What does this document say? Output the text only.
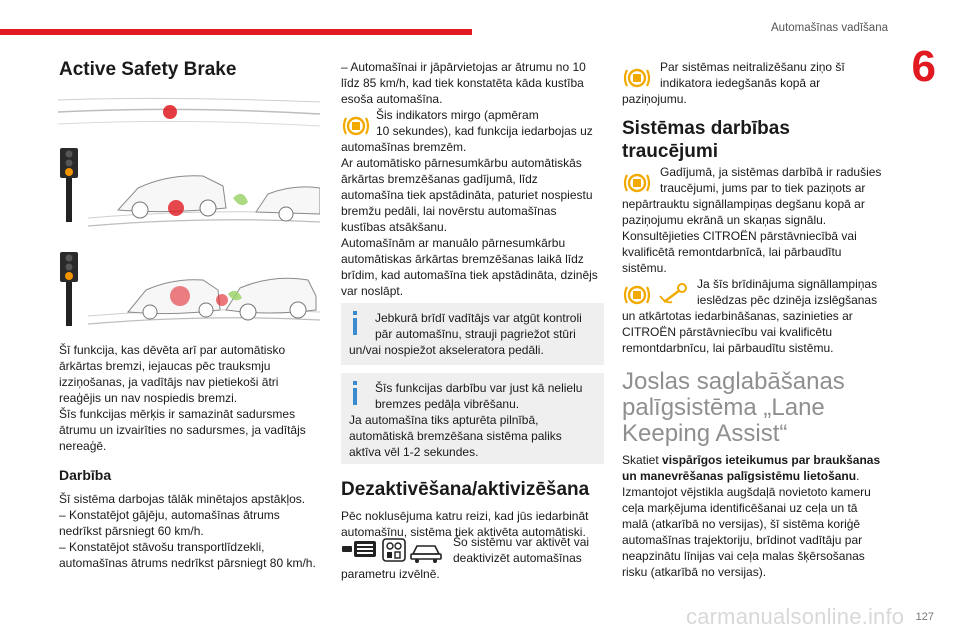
Automašīnas vadīšana
6

Active Safety Brake

Šī funkcija, kas dēvēta arī par automātisko

ārkārtas bremzi, iejaucas pēc trauksmju

izziņošanas, ja vadītājs nav pietiekoši ātri

reaģējis un nav nospiedis bremzi.

Šīs funkcijas mērķis ir samazināt sadursmes

ātrumu un izvairīties no sadursmes, ja vadītājs

nereaģē.

Darbība

Šī sistēma darbojas tālāk minētajos apstākļos.

– Konstatējot gājēju, automašīnas ātrums

nedrīkst pārsniegt 60 km/h.

– Konstatējot stāvošu transportlīdzekli,

automašīnas ātrums nedrīkst pārsniegt 80 km/h.

– Automašīnai ir jāpārvietojas ar ātrumu no 10

līdz 85 km/h, kad tiek konstatēta kāda kustība

esoša automašīna.

Šis indikators mirgo (apmēram

10 sekundes), kad funkcija iedarbojas uz

automašīnas bremzēm.

Ar automātisko pārnesumkārbu automātiskās

ārkārtas bremzēšanas gadījumā, līdz

automašīna tiek apstādināta, paturiet nospiestu

bremžu pedāli, lai novērstu automašīnas

kustības atsākšanu.

Automašīnām ar manuālo pārnesumkārbu

automātiskas ārkārtas bremzēšanas laikā līdz

brīdim, kad automašīna tiek apstādināta, dzinējs

var noslāpt.

Jebkurā brīdī vadītājs var atgūt kontroli

pār automašīnu, strauji pagriežot stūri

un/vai nospiežot akseleratora pedāli.

Šīs funkcijas darbību var just kā nelielu

bremzes pedāļa vibrēšanu.

Ja automašīna tiks apturēta pilnībā,

automātiskā bremzēšana sistēma paliks

aktīva vēl 1-2 sekundes.

Dezaktivēšana/aktivizēšana

Pēc noklusējuma katru reizi, kad jūs iedarbināt

automašīnu, sistēma tiek aktivēta automātiski.

Šo sistēmu var aktivēt vai

deaktivizēt automašīnas

parametru izvēlnē.

Par sistēmas neitralizēšanu ziņo šī

indikatora iedegšanās kopā ar

paziņojumu.

Sistēmas darbības

traucējumi

Gadījumā, ja sistēmas darbībā ir radušies

traucējumi, jums par to tiek paziņots ar

nepārtrauktu signāllampiņas degšanu kopā ar

paziņojumu ekrānā un skaņas signālu.

Konsultējieties CITROËN pārstāvniecībā vai

kvalificētā remontdarbnīcā, lai pārbaudītu

sistēmu.

Ja šīs brīdinājuma signāllampiņas

ieslēdzas pēc dzinēja izslēgšanas

un atkārtotas iedarbināšanas, sazinieties ar

CITROËN pārstāvniecību vai kvalificētu

remontdarbnīcu, lai pārbaudītu sistēmu.

Joslas saglabāšanas

palīgsistēma „Lane

Keeping Assist“

Skatiet vispārīgos ieteikumus par braukšanas

un manevrēšanas palīgsistēmu lietošanu.

Izmantojot vējstikla augšdaļā novietoto kameru

ceļa marķējuma identificēšanai uz ceļa un tā

malā (atkarībā no versijas), šī sistēma koriģē

automašīnas trajektoriju, brīdinot vadītāju par

neapzinātu līnijas vai ceļa malas šķērsošanas

risku (atkarībā no versijas).

carmanualsonline.info 127
